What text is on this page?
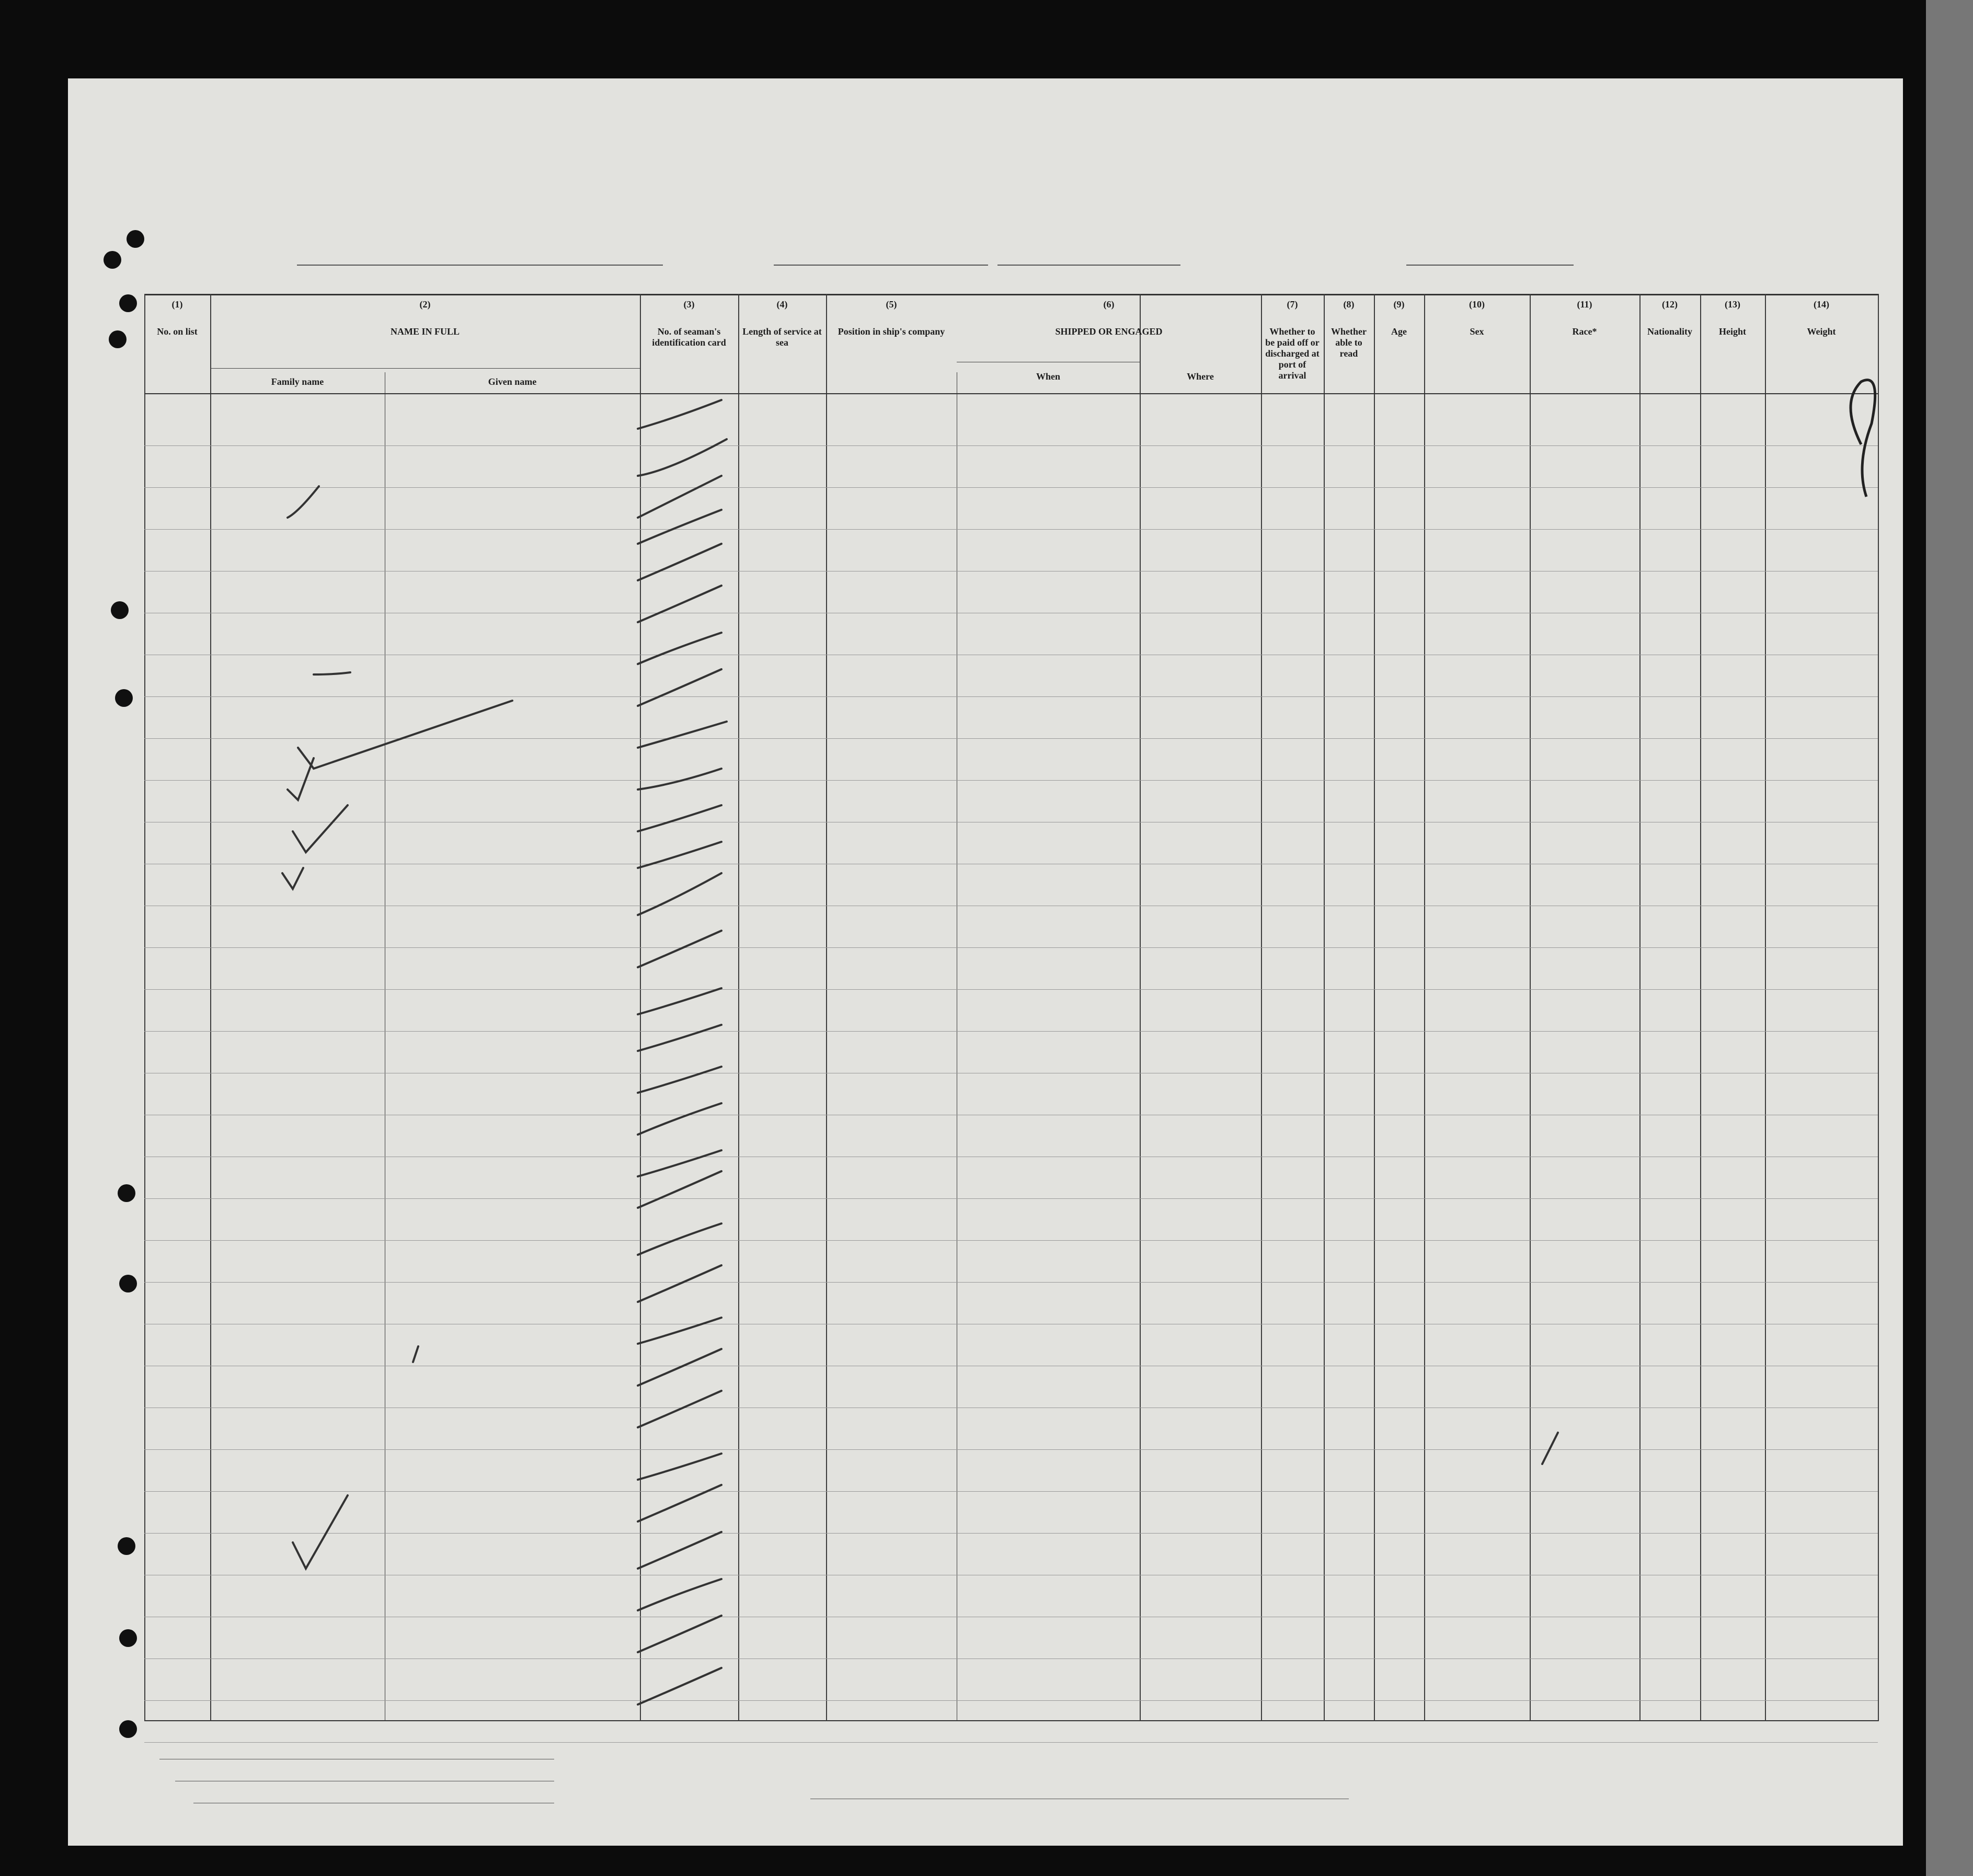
(1)
No. on list
(2)
NAME IN FULL
Family name	Given name
(3)
No. of seaman's identification card
(4)
Length of service at sea
(5)
Position in ship's company
(6)
SHIPPED OR ENGAGED
When	Where
(7)
Whether to be paid off or discharged at port of arrival
(8)
Whether able to read
(9)
Age
(10)
Sex
(11)
Race*
(12)
Nationality
(13)
Height
(14)
Weight
